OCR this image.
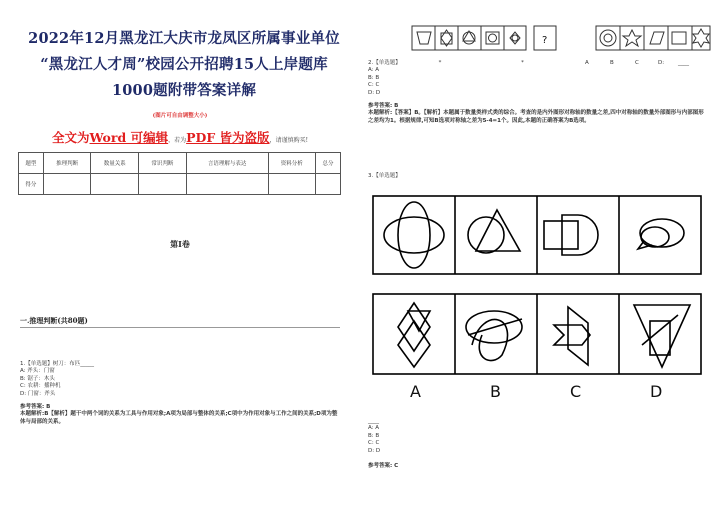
2022年12月黑龙江大庆市龙凤区所属事业单位
“黑龙江人才周”校园公开招聘15人上岸题库
1000题附带答案详解
(图片可自由调整大小)
全文为Word 可编辑，若为PDF 皆为盗版，请谨慎购买!
题型	推理判断	数量关系	常识判断	言语理解与表达	资料分析	总分
得分						
第I卷
一.推理判断(共80题)
1.【单选题】树刀：布匹_____
A: 斧头：门窗
B: 锯子：木头
C: 农耕：播种机
D: 门窗：斧头
参考答案: B
本题解析:B【解析】题干中两个词的关系为工具与作用对象;A项为局部与整体的关系;C项中为作用对象与工作之间的关系;D项为整体与局部的关系。
?
2.【单选题】	*	*	A	B	C	D:	____
A: A
B: B
C: C
D: D
参考答案: B
本题解析:【答案】B。【解析】本题属于数量类样式类的综合。考查的是内外图形对称轴的数量之差,四中对称轴的数量外部图形与内部图形之差均为1。根据规律,可知B选项对称轴之差为5-4=1个。因此,本题的正确答案为B选项。
3.【单选题】
A	B	C	D
____
A: A
B: B
C: C
D: D
参考答案: C
